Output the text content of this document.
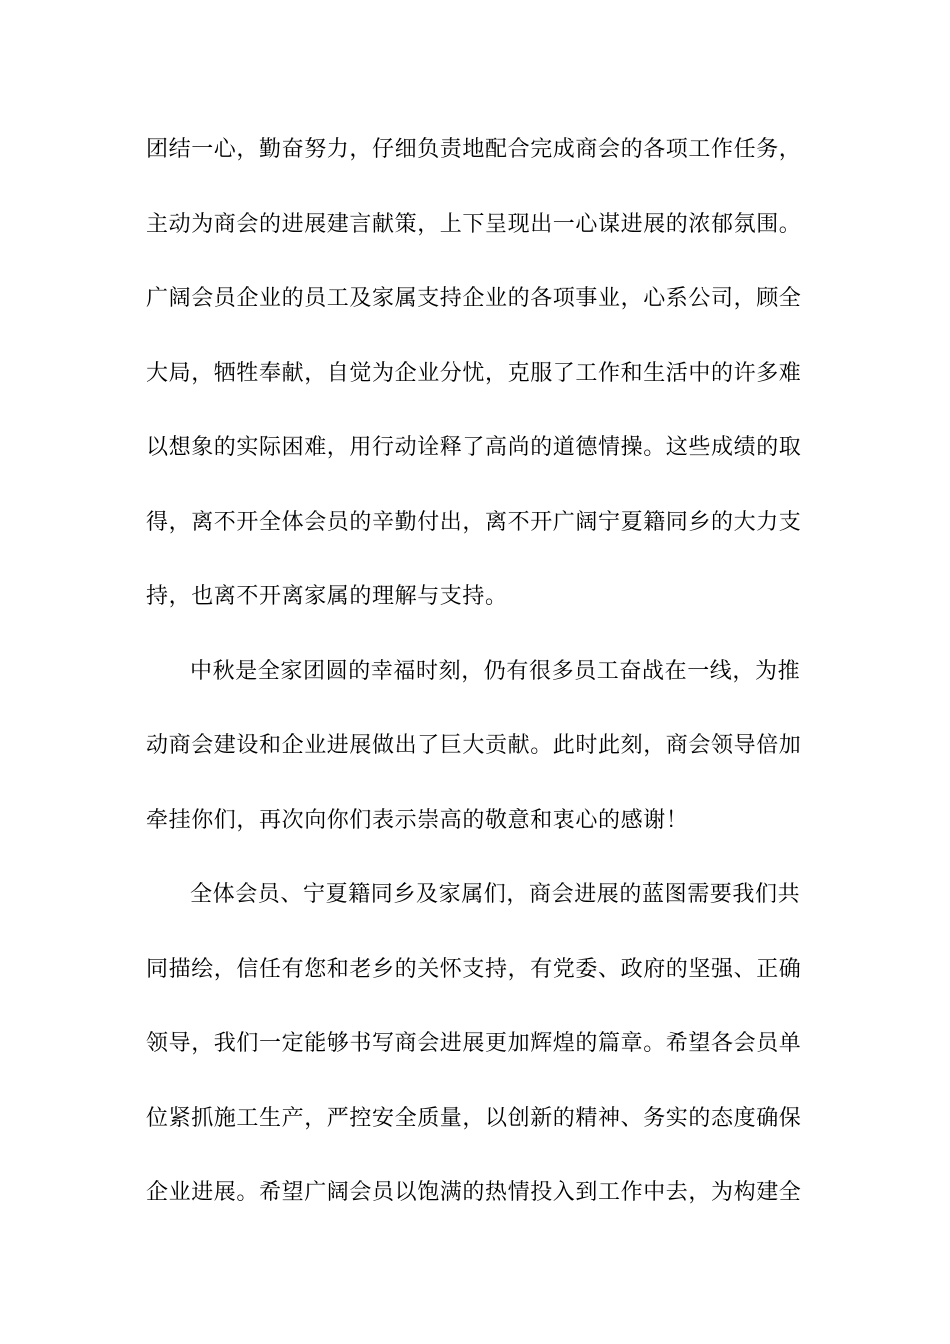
团结一心，勤奋努力，仔细负责地配合完成商会的各项工作任务，
主动为商会的进展建言献策，上下呈现出一心谋进展的浓郁氛围。
广阔会员企业的员工及家属支持企业的各项事业，心系公司，顾全
大局，牺牲奉献，自觉为企业分忧，克服了工作和生活中的许多难
以想象的实际困难，用行动诠释了高尚的道德情操。这些成绩的取
得，离不开全体会员的辛勤付出，离不开广阔宁夏籍同乡的大力支
持，也离不开离家属的理解与支持。
中秋是全家团圆的幸福时刻，仍有很多员工奋战在一线，为推
动商会建设和企业进展做出了巨大贡献。此时此刻，商会领导倍加
牵挂你们，再次向你们表示崇高的敬意和衷心的感谢！
全体会员、宁夏籍同乡及家属们，商会进展的蓝图需要我们共
同描绘，信任有您和老乡的关怀支持，有党委、政府的坚强、正确
领导，我们一定能够书写商会进展更加辉煌的篇章。希望各会员单
位紧抓施工生产，严控安全质量，以创新的精神、务实的态度确保
企业进展。希望广阔会员以饱满的热情投入到工作中去，为构建全
